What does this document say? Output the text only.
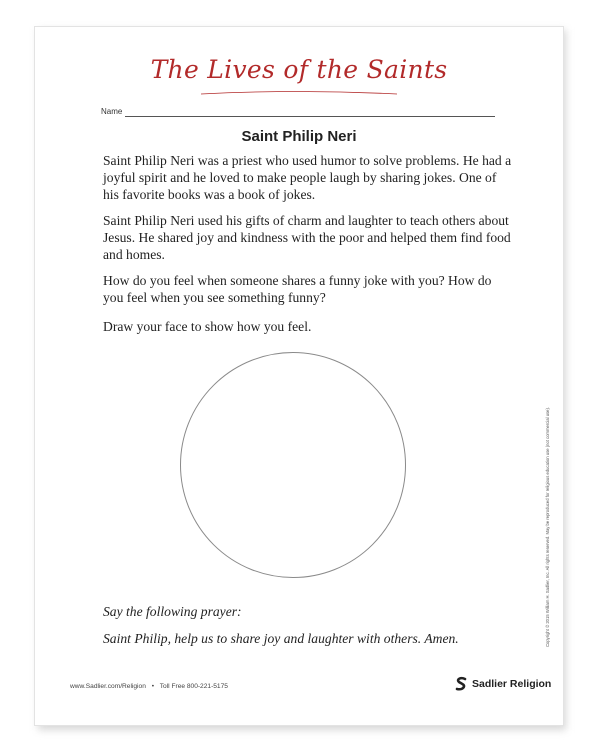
The Lives of the Saints
Name
Saint Philip Neri
Saint Philip Neri was a priest who used humor to solve problems. He had a joyful spirit and he loved to make people laugh by sharing jokes. One of his favorite books was a book of jokes.
Saint Philip Neri used his gifts of charm and laughter to teach others about Jesus. He shared joy and kindness with the poor and helped them find food and homes.
How do you feel when someone shares a funny joke with you? How do you feel when you see something funny?
Draw your face to show how you feel.
Copyright © 2015 William H. Sadlier, Inc. All rights reserved. May be reproduced for religious education use (not commercial use).
Say the following prayer:
Saint Philip, help us to share joy and laughter with others. Amen.
www.Sadlier.com/Religion • Toll Free 800-221-5175	Sadlier Religion
